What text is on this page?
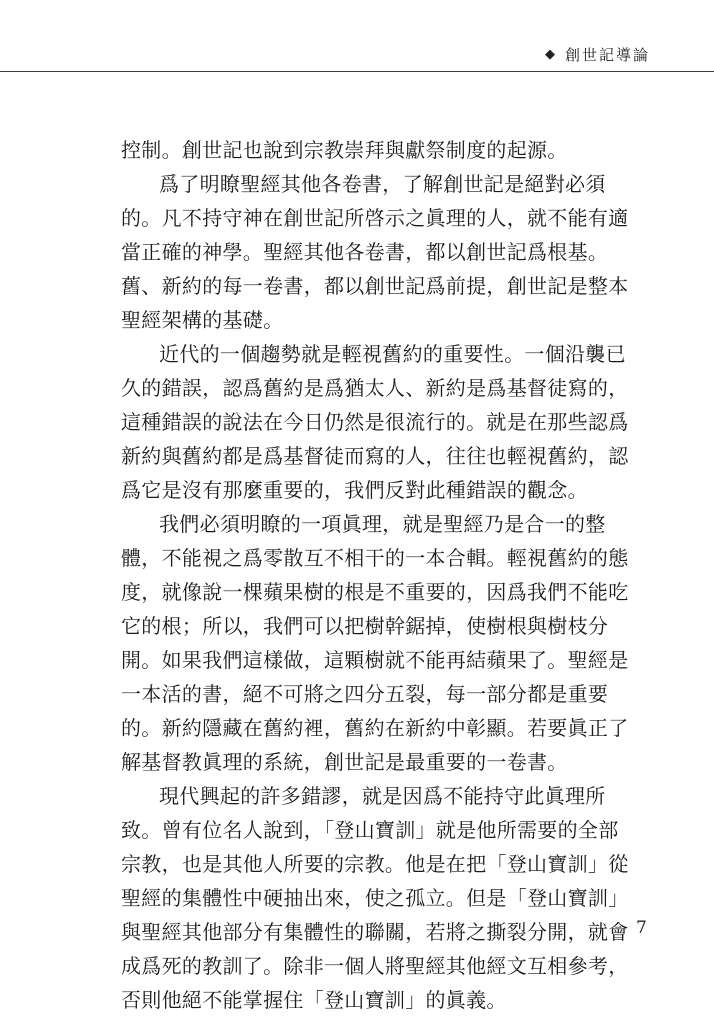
◆ 創世記導論
控制。創世記也說到宗教崇拜與獻祭制度的起源。
爲了明瞭聖經其他各卷書，了解創世記是絕對必須
的。凡不持守神在創世記所啓示之眞理的人，就不能有適
當正確的神學。聖經其他各卷書，都以創世記爲根基。
舊、新約的每一卷書，都以創世記爲前提，創世記是整本
聖經架構的基礎。
近代的一個趨勢就是輕視舊約的重要性。一個沿襲已
久的錯誤，認爲舊約是爲猶太人、新約是爲基督徒寫的，
這種錯誤的說法在今日仍然是很流行的。就是在那些認爲
新約與舊約都是爲基督徒而寫的人，往往也輕視舊約，認
爲它是沒有那麼重要的，我們反對此種錯誤的觀念。
我們必須明瞭的一項眞理，就是聖經乃是合一的整
體，不能視之爲零散互不相干的一本合輯。輕視舊約的態
度，就像說一棵蘋果樹的根是不重要的，因爲我們不能吃
它的根；所以，我們可以把樹幹鋸掉，使樹根與樹枝分
開。如果我們這樣做，這顆樹就不能再結蘋果了。聖經是
一本活的書，絕不可將之四分五裂，每一部分都是重要
的。新約隱藏在舊約裡，舊約在新約中彰顯。若要眞正了
解基督教眞理的系統，創世記是最重要的一卷書。
現代興起的許多錯謬，就是因爲不能持守此眞理所
致。曾有位名人說到，「登山寶訓」就是他所需要的全部
宗教，也是其他人所要的宗教。他是在把「登山寶訓」從
聖經的集體性中硬抽出來，使之孤立。但是「登山寶訓」
與聖經其他部分有集體性的聯關，若將之撕裂分開，就會
成爲死的教訓了。除非一個人將聖經其他經文互相參考，
否則他絕不能掌握住「登山寶訓」的眞義。
7
